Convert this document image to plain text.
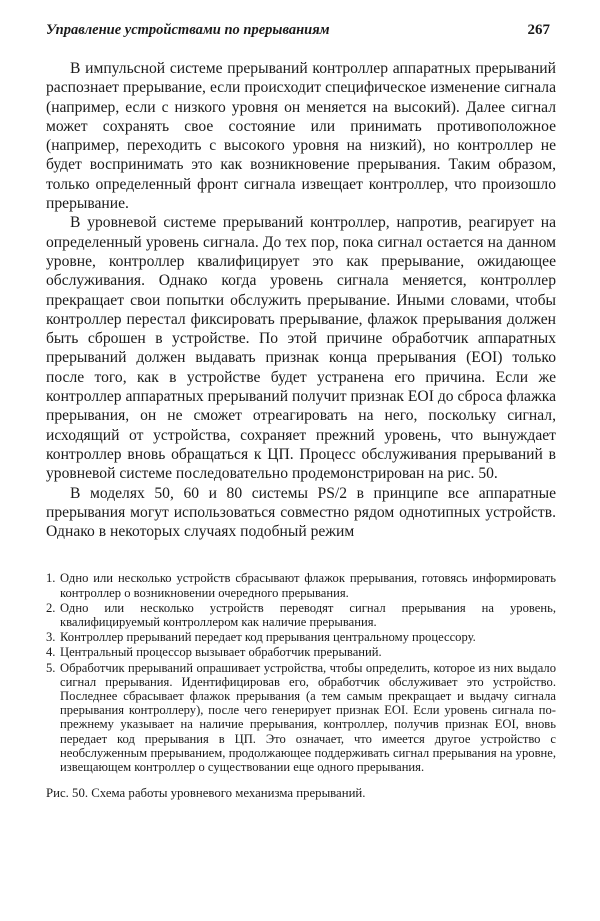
Управление устройствами по прерываниям	267

В импульсной системе прерываний контроллер аппаратных прерываний распознает прерывание, если происходит специфическое изменение сигнала (например, если с низкого уровня он меняется на высокий). Далее сигнал может сохранять свое состояние или принимать противоположное (например, переходить с высокого уровня на низкий), но контроллер не будет воспринимать это как возникновение прерывания. Таким образом, только определенный фронт сигнала извещает контроллер, что произошло прерывание.

В уровневой системе прерываний контроллер, напротив, реагирует на определенный уровень сигнала. До тех пор, пока сигнал остается на данном уровне, контроллер квалифицирует это как прерывание, ожидающее обслуживания. Однако когда уровень сигнала меняется, контроллер прекращает свои попытки обслужить прерывание. Иными словами, чтобы контроллер перестал фиксировать прерывание, флажок прерывания должен быть сброшен в устройстве. По этой причине обработчик аппаратных прерываний должен выдавать признак конца прерывания (EOI) только после того, как в устройстве будет устранена его причина. Если же контроллер аппаратных прерываний получит признак EOI до сброса флажка прерывания, он не сможет отреагировать на него, поскольку сигнал, исходящий от устройства, сохраняет прежний уровень, что вынуждает контроллер вновь обращаться к ЦП. Процесс обслуживания прерываний в уровневой системе последовательно продемонстрирован на рис. 50.

В моделях 50, 60 и 80 системы PS/2 в принципе все аппаратные прерывания могут использоваться совместно рядом однотипных устройств. Однако в некоторых случаях подобный режим

1. Одно или несколько устройств сбрасывают флажок прерывания, готовясь информировать контроллер о возникновении очередного прерывания.
2. Одно или несколько устройств переводят сигнал прерывания на уровень, квалифицируемый контроллером как наличие прерывания.
3. Контроллер прерываний передает код прерывания центральному процессору.
4. Центральный процессор вызывает обработчик прерываний.
5. Обработчик прерываний опрашивает устройства, чтобы определить, которое из них выдало сигнал прерывания. Идентифицировав его, обработчик обслуживает это устройство. Последнее сбрасывает флажок прерывания (а тем самым прекращает и выдачу сигнала прерывания контроллеру), после чего генерирует признак EOI. Если уровень сигнала по-прежнему указывает на наличие прерывания, контроллер, получив признак EOI, вновь передает код прерывания в ЦП. Это означает, что имеется другое устройство с необслуженным прерыванием, продолжающее поддерживать сигнал прерывания на уровне, извещающем контроллер о существовании еще одного прерывания.
Рис. 50. Схема работы уровневого механизма прерываний.
